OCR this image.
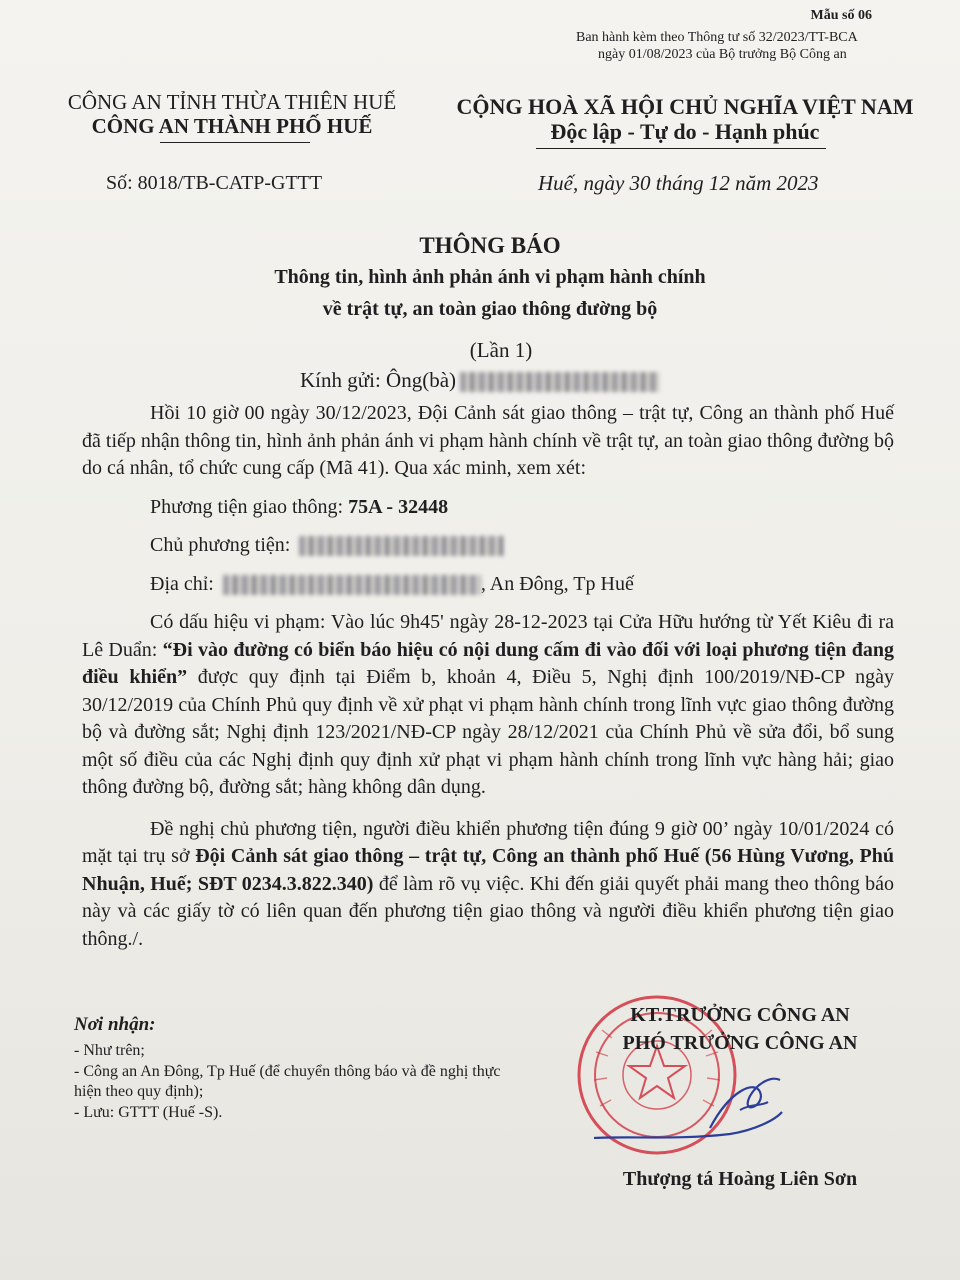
Mẫu số 06
Ban hành kèm theo Thông tư số 32/2023/TT-BCA
ngày 01/08/2023 của Bộ trưởng Bộ Công an
CÔNG AN TỈNH THỪA THIÊN HUẾ
CÔNG AN THÀNH PHỐ HUẾ
CỘNG HOÀ XÃ HỘI CHỦ NGHĨA VIỆT NAM
Độc lập - Tự do - Hạnh phúc
Số: 8018/TB-CATP-GTTT	Huế, ngày 30 tháng 12 năm 2023
THÔNG BÁO
Thông tin, hình ảnh phản ánh vi phạm hành chính
về trật tự, an toàn giao thông đường bộ
(Lần 1)
Kính gửi: Ông(bà)

Hồi 10 giờ 00 ngày 30/12/2023, Đội Cảnh sát giao thông – trật tự, Công an thành phố Huế đã tiếp nhận thông tin, hình ảnh phản ánh vi phạm hành chính về trật tự, an toàn giao thông đường bộ do cá nhân, tổ chức cung cấp (Mã 41). Qua xác minh, xem xét:

Phương tiện giao thông: 75A - 32448

Chủ phương tiện:

Địa chỉ:	, An Đông, Tp Huế

Có dấu hiệu vi phạm: Vào lúc 9h45' ngày 28-12-2023 tại Cửa Hữu hướng từ Yết Kiêu đi ra Lê Duẩn: “Đi vào đường có biển báo hiệu có nội dung cấm đi vào đối với loại phương tiện đang điều khiển” được quy định tại Điểm b, khoản 4, Điều 5, Nghị định 100/2019/NĐ-CP ngày 30/12/2019 của Chính Phủ quy định về xử phạt vi phạm hành chính trong lĩnh vực giao thông đường bộ và đường sắt; Nghị định 123/2021/NĐ-CP ngày 28/12/2021 của Chính Phủ về sửa đổi, bổ sung một số điều của các Nghị định quy định xử phạt vi phạm hành chính trong lĩnh vực hàng hải; giao thông đường bộ, đường sắt; hàng không dân dụng.

Đề nghị chủ phương tiện, người điều khiển phương tiện đúng 9 giờ 00’ ngày 10/01/2024 có mặt tại trụ sở Đội Cảnh sát giao thông – trật tự, Công an thành phố Huế (56 Hùng Vương, Phú Nhuận, Huế; SĐT 0234.3.822.340) để làm rõ vụ việc. Khi đến giải quyết phải mang theo thông báo này và các giấy tờ có liên quan đến phương tiện giao thông và người điều khiển phương tiện giao thông./.

Nơi nhận:
- Như trên;
- Công an An Đông, Tp Huế (để chuyển thông báo và đề nghị thực hiện theo quy định);
- Lưu: GTTT (Huế -S).
KT.TRƯỞNG CÔNG AN
PHÓ TRƯỞNG CÔNG AN
Thượng tá Hoàng Liên Sơn
